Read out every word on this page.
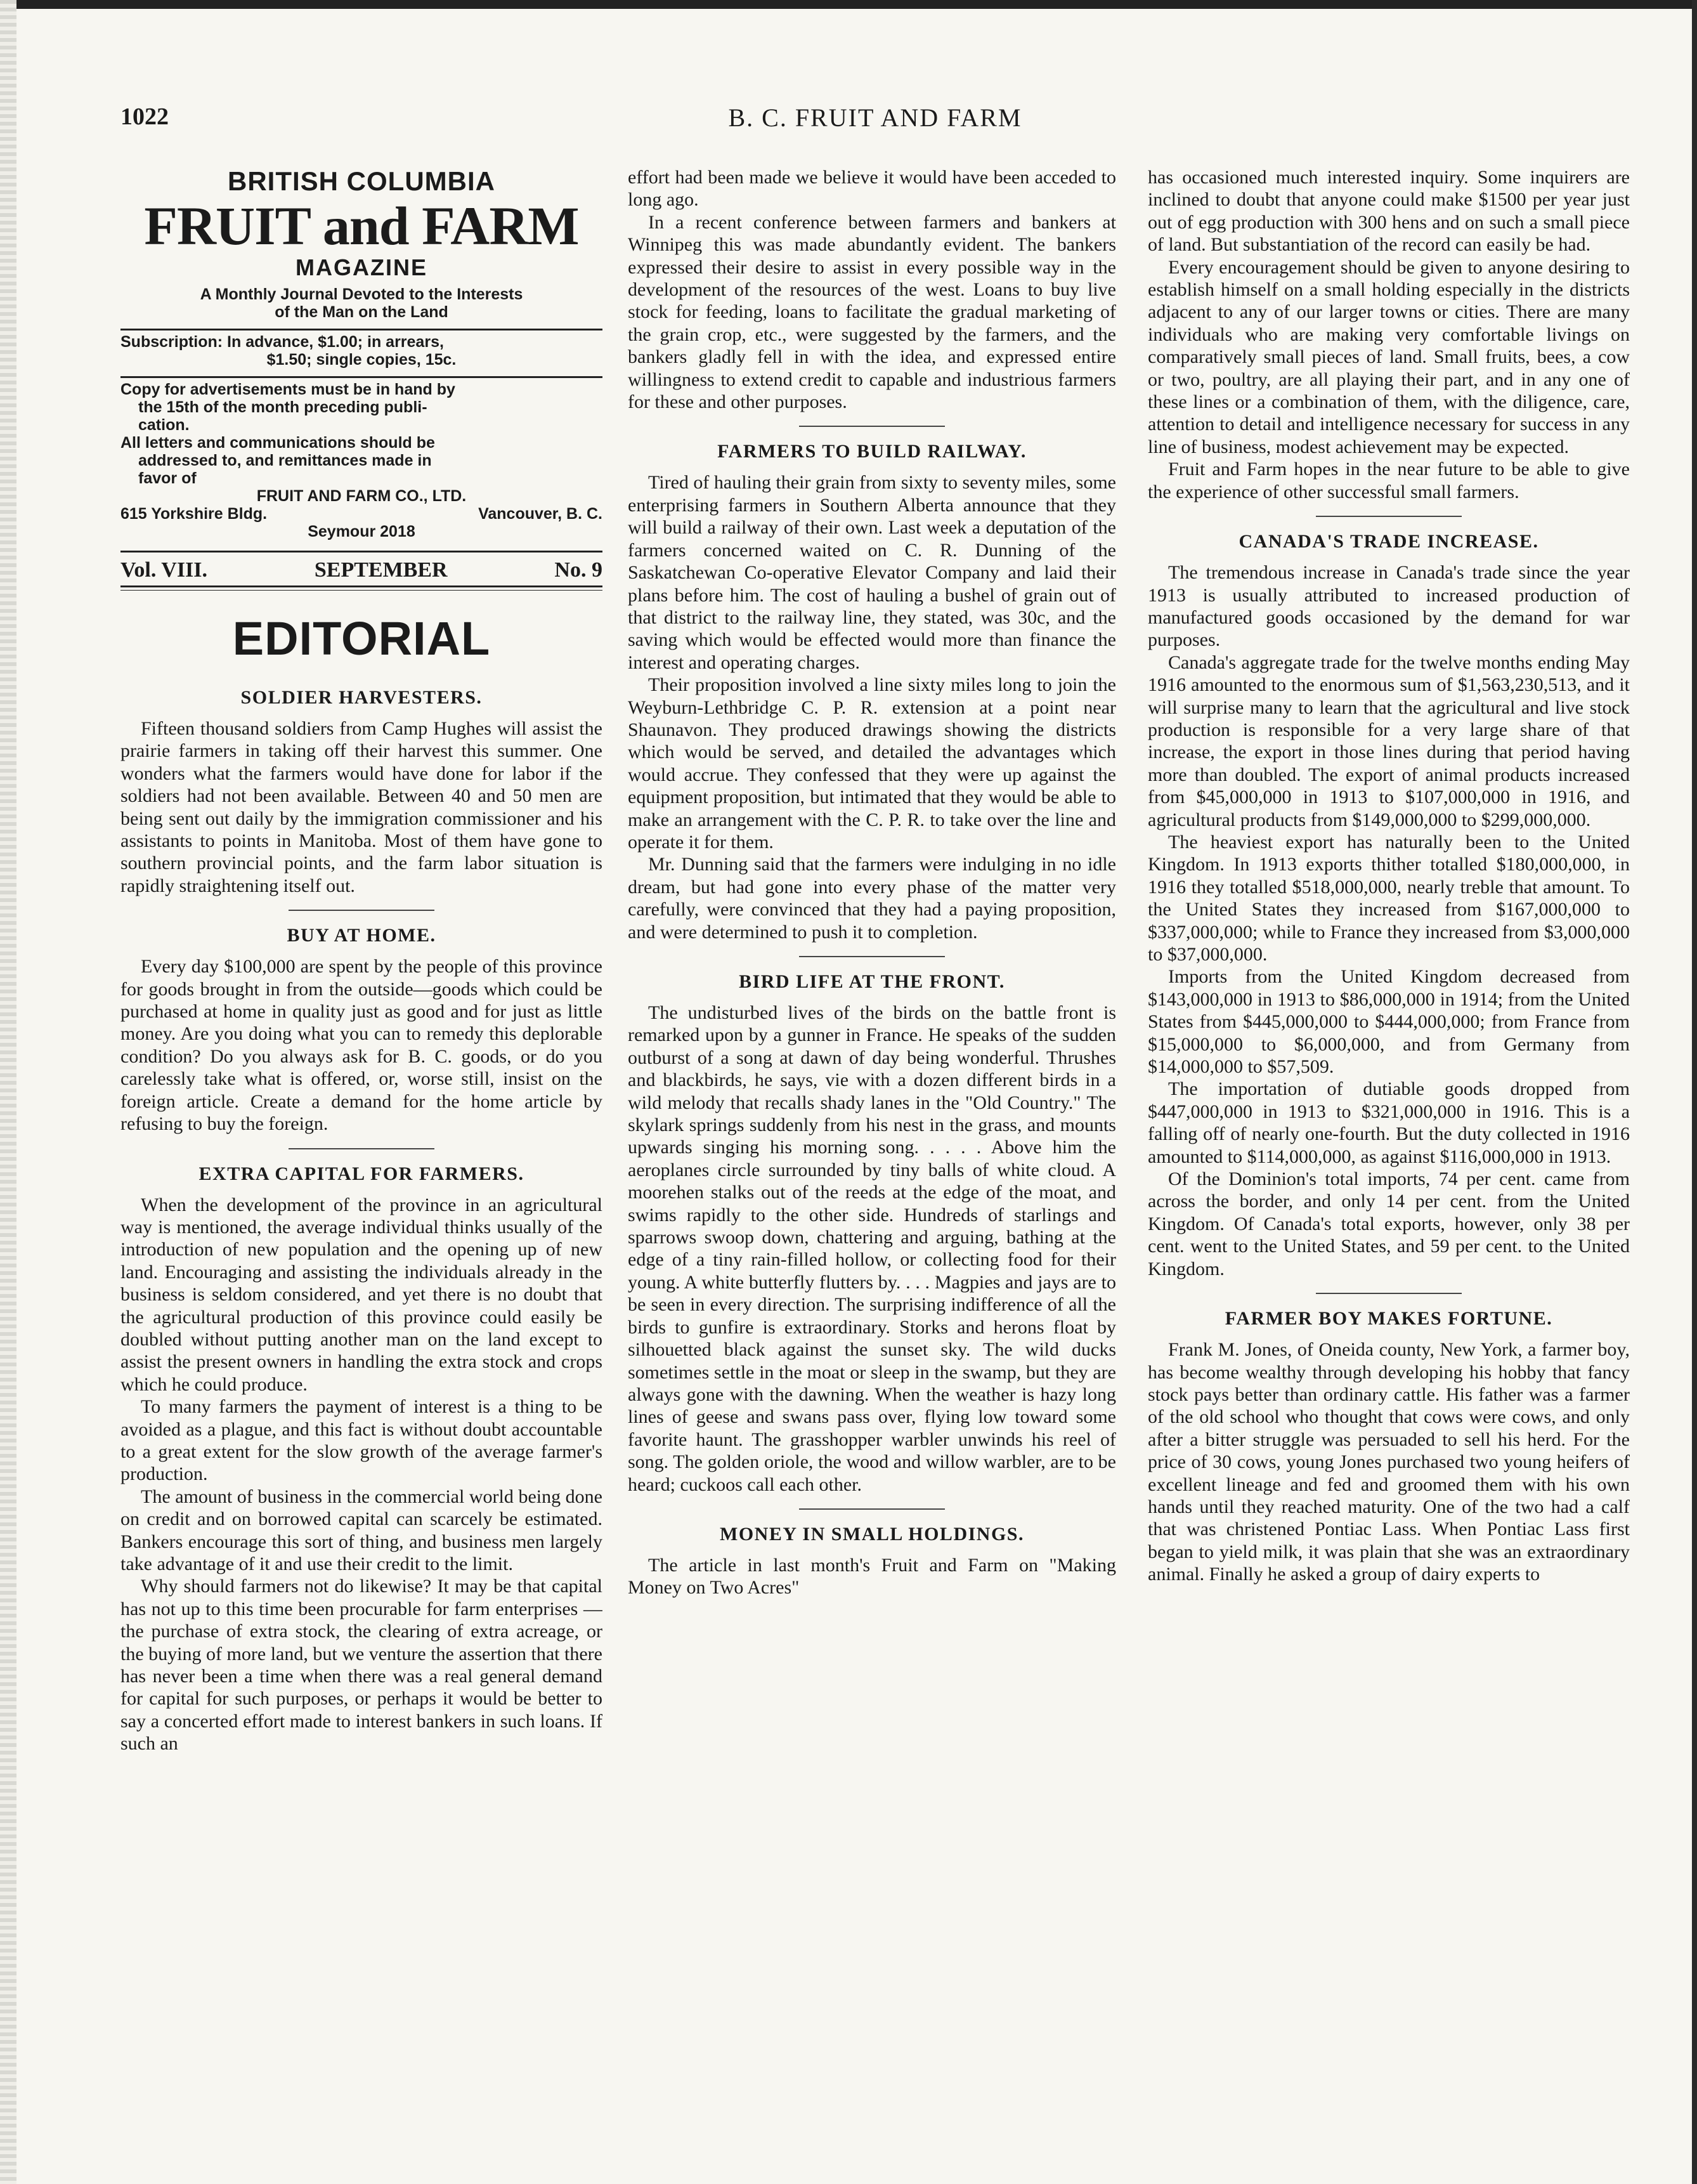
1022	B. C. FRUIT AND FARM

BRITISH COLUMBIA

FRUIT and FARM

MAGAZINE

A Monthly Journal Devoted to the Interests

of the Man on the Land

Subscription: In advance, $1.00; in arrears,
$1.50; single copies, 15c.
Copy for advertisements must be in hand by
the 15th of the month preceding publi-
cation.
All letters and communications should be
addressed to, and remittances made in
favor of
FRUIT AND FARM CO., LTD.
615 Yorkshire Bldg.	Vancouver, B. C.
Seymour 2018
Vol. VIII.	SEPTEMBER	No. 9
EDITORIAL
SOLDIER HARVESTERS.

Fifteen thousand soldiers from Camp Hughes will assist the prairie farmers in taking off their harvest this summer. One wonders what the farmers would have done for labor if the soldiers had not been available. Between 40 and 50 men are being sent out daily by the immigration commissioner and his assistants to points in Manitoba. Most of them have gone to southern provincial points, and the farm labor situation is rapidly straightening itself out.

BUY AT HOME.

Every day $100,000 are spent by the people of this province for goods brought in from the outside—goods which could be purchased at home in quality just as good and for just as little money. Are you doing what you can to remedy this deplorable condition? Do you always ask for B. C. goods, or do you carelessly take what is offered, or, worse still, insist on the foreign article. Create a demand for the home article by refusing to buy the foreign.

EXTRA CAPITAL FOR FARMERS.

When the development of the province in an agricultural way is mentioned, the average individual thinks usually of the introduction of new population and the opening up of new land. Encouraging and assisting the individuals already in the business is seldom considered, and yet there is no doubt that the agricultural production of this province could easily be doubled without putting another man on the land except to assist the present owners in handling the extra stock and crops which he could produce.

To many farmers the payment of interest is a thing to be avoided as a plague, and this fact is without doubt accountable to a great extent for the slow growth of the average farmer's production.

The amount of business in the commercial world being done on credit and on borrowed capital can scarcely be estimated. Bankers encourage this sort of thing, and business men largely take advantage of it and use their credit to the limit.

Why should farmers not do likewise? It may be that capital has not up to this time been procurable for farm enterprises —the purchase of extra stock, the clearing of extra acreage, or the buying of more land, but we venture the assertion that there has never been a time when there was a real general demand for capital for such purposes, or perhaps it would be better to say a concerted effort made to interest bankers in such loans. If such an

effort had been made we believe it would have been acceded to long ago.

In a recent conference between farmers and bankers at Winnipeg this was made abundantly evident. The bankers expressed their desire to assist in every possible way in the development of the resources of the west. Loans to buy live stock for feeding, loans to facilitate the gradual marketing of the grain crop, etc., were suggested by the farmers, and the bankers gladly fell in with the idea, and expressed entire willingness to extend credit to capable and industrious farmers for these and other purposes.

FARMERS TO BUILD RAILWAY.

Tired of hauling their grain from sixty to seventy miles, some enterprising farmers in Southern Alberta announce that they will build a railway of their own. Last week a deputation of the farmers concerned waited on C. R. Dunning of the Saskatchewan Co-operative Elevator Company and laid their plans before him. The cost of hauling a bushel of grain out of that district to the railway line, they stated, was 30c, and the saving which would be effected would more than finance the interest and operating charges.

Their proposition involved a line sixty miles long to join the Weyburn-Lethbridge C. P. R. extension at a point near Shaunavon. They produced drawings showing the districts which would be served, and detailed the advantages which would accrue. They confessed that they were up against the equipment proposition, but intimated that they would be able to make an arrangement with the C. P. R. to take over the line and operate it for them.

Mr. Dunning said that the farmers were indulging in no idle dream, but had gone into every phase of the matter very carefully, were convinced that they had a paying proposition, and were determined to push it to completion.

BIRD LIFE AT THE FRONT.

The undisturbed lives of the birds on the battle front is remarked upon by a gunner in France. He speaks of the sudden outburst of a song at dawn of day being wonderful. Thrushes and blackbirds, he says, vie with a dozen different birds in a wild melody that recalls shady lanes in the "Old Country." The skylark springs suddenly from his nest in the grass, and mounts upwards singing his morning song. . . . . Above him the aeroplanes circle surrounded by tiny balls of white cloud. A moorehen stalks out of the reeds at the edge of the moat, and swims rapidly to the other side. Hundreds of starlings and sparrows swoop down, chattering and arguing, bathing at the edge of a tiny rain-filled hollow, or collecting food for their young. A white butterfly flutters by. . . . Magpies and jays are to be seen in every direction. The surprising indifference of all the birds to gunfire is extraordinary. Storks and herons float by silhouetted black against the sunset sky. The wild ducks sometimes settle in the moat or sleep in the swamp, but they are always gone with the dawning. When the weather is hazy long lines of geese and swans pass over, flying low toward some favorite haunt. The grasshopper warbler unwinds his reel of song. The golden oriole, the wood and willow warbler, are to be heard; cuckoos call each other.

MONEY IN SMALL HOLDINGS.

The article in last month's Fruit and Farm on "Making Money on Two Acres"

has occasioned much interested inquiry. Some inquirers are inclined to doubt that anyone could make $1500 per year just out of egg production with 300 hens and on such a small piece of land. But substantiation of the record can easily be had.

Every encouragement should be given to anyone desiring to establish himself on a small holding especially in the districts adjacent to any of our larger towns or cities. There are many individuals who are making very comfortable livings on comparatively small pieces of land. Small fruits, bees, a cow or two, poultry, are all playing their part, and in any one of these lines or a combination of them, with the diligence, care, attention to detail and intelligence necessary for success in any line of business, modest achievement may be expected.

Fruit and Farm hopes in the near future to be able to give the experience of other successful small farmers.

CANADA'S TRADE INCREASE.

The tremendous increase in Canada's trade since the year 1913 is usually attributed to increased production of manufactured goods occasioned by the demand for war purposes.

Canada's aggregate trade for the twelve months ending May 1916 amounted to the enormous sum of $1,563,230,513, and it will surprise many to learn that the agricultural and live stock production is responsible for a very large share of that increase, the export in those lines during that period having more than doubled. The export of animal products increased from $45,000,000 in 1913 to $107,000,000 in 1916, and agricultural products from $149,000,000 to $299,000,000.

The heaviest export has naturally been to the United Kingdom. In 1913 exports thither totalled $180,000,000, in 1916 they totalled $518,000,000, nearly treble that amount. To the United States they increased from $167,000,000 to $337,000,000; while to France they increased from $3,000,000 to $37,000,000.

Imports from the United Kingdom decreased from $143,000,000 in 1913 to $86,000,000 in 1914; from the United States from $445,000,000 to $444,000,000; from France from $15,000,000 to $6,000,000, and from Germany from $14,000,000 to $57,509.

The importation of dutiable goods dropped from $447,000,000 in 1913 to $321,000,000 in 1916. This is a falling off of nearly one-fourth. But the duty collected in 1916 amounted to $114,000,000, as against $116,000,000 in 1913.

Of the Dominion's total imports, 74 per cent. came from across the border, and only 14 per cent. from the United Kingdom. Of Canada's total exports, however, only 38 per cent. went to the United States, and 59 per cent. to the United Kingdom.

FARMER BOY MAKES FORTUNE.

Frank M. Jones, of Oneida county, New York, a farmer boy, has become wealthy through developing his hobby that fancy stock pays better than ordinary cattle. His father was a farmer of the old school who thought that cows were cows, and only after a bitter struggle was persuaded to sell his herd. For the price of 30 cows, young Jones purchased two young heifers of excellent lineage and fed and groomed them with his own hands until they reached maturity. One of the two had a calf that was christened Pontiac Lass. When Pontiac Lass first began to yield milk, it was plain that she was an extraordinary animal. Finally he asked a group of dairy experts to
